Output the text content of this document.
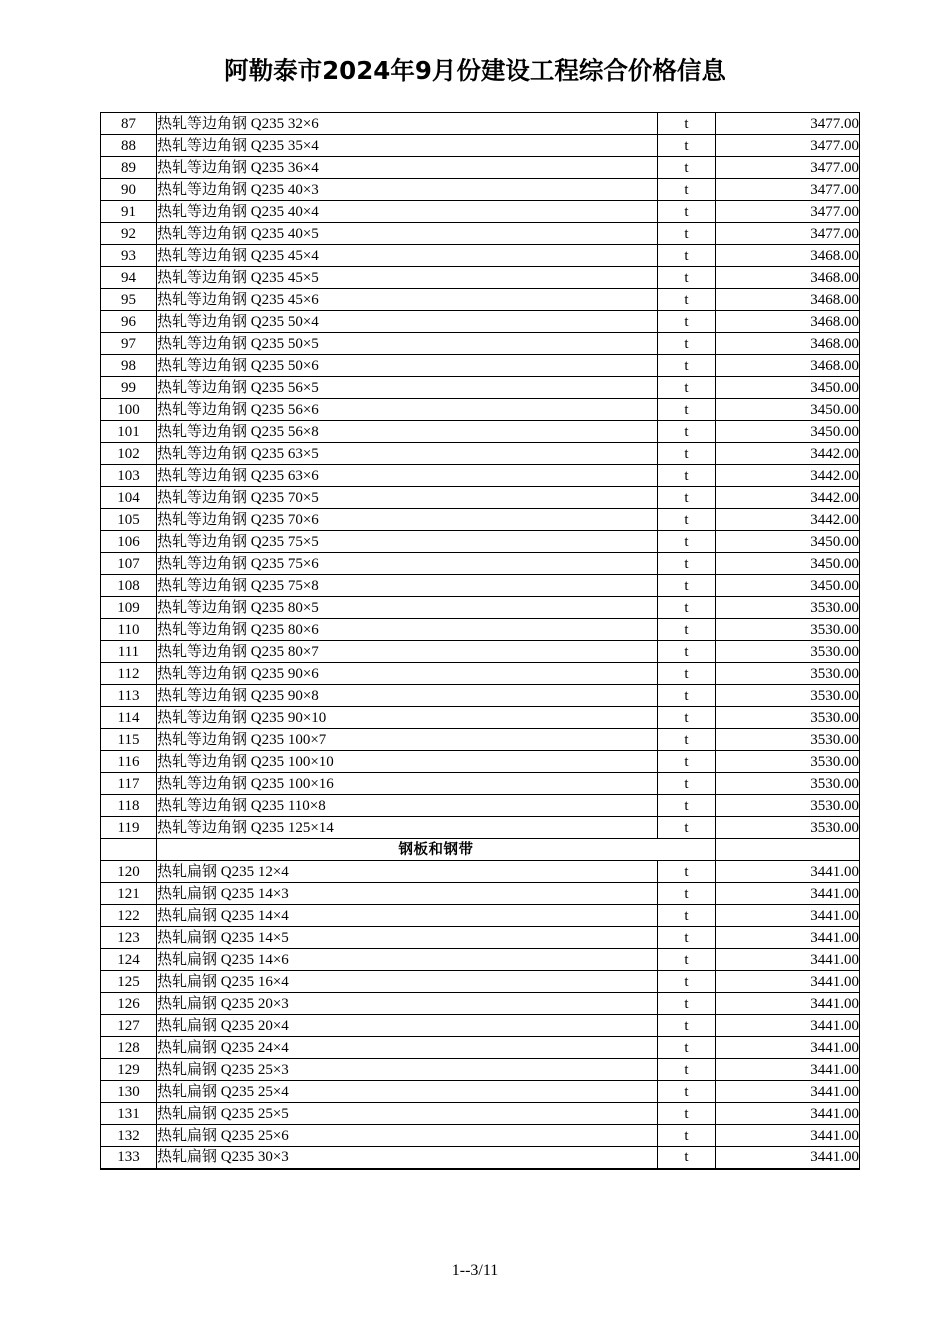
阿勒泰市2024年9月份建设工程综合价格信息
87	热轧等边角钢 Q235 32×6	t	3477.00
88	热轧等边角钢 Q235 35×4	t	3477.00
89	热轧等边角钢 Q235 36×4	t	3477.00
90	热轧等边角钢 Q235 40×3	t	3477.00
91	热轧等边角钢 Q235 40×4	t	3477.00
92	热轧等边角钢 Q235 40×5	t	3477.00
93	热轧等边角钢 Q235 45×4	t	3468.00
94	热轧等边角钢 Q235 45×5	t	3468.00
95	热轧等边角钢 Q235 45×6	t	3468.00
96	热轧等边角钢 Q235 50×4	t	3468.00
97	热轧等边角钢 Q235 50×5	t	3468.00
98	热轧等边角钢 Q235 50×6	t	3468.00
99	热轧等边角钢 Q235 56×5	t	3450.00
100	热轧等边角钢 Q235 56×6	t	3450.00
101	热轧等边角钢 Q235 56×8	t	3450.00
102	热轧等边角钢 Q235 63×5	t	3442.00
103	热轧等边角钢 Q235 63×6	t	3442.00
104	热轧等边角钢 Q235 70×5	t	3442.00
105	热轧等边角钢 Q235 70×6	t	3442.00
106	热轧等边角钢 Q235 75×5	t	3450.00
107	热轧等边角钢 Q235 75×6	t	3450.00
108	热轧等边角钢 Q235 75×8	t	3450.00
109	热轧等边角钢 Q235 80×5	t	3530.00
110	热轧等边角钢 Q235 80×6	t	3530.00
111	热轧等边角钢 Q235 80×7	t	3530.00
112	热轧等边角钢 Q235 90×6	t	3530.00
113	热轧等边角钢 Q235 90×8	t	3530.00
114	热轧等边角钢 Q235 90×10	t	3530.00
115	热轧等边角钢 Q235 100×7	t	3530.00
116	热轧等边角钢 Q235 100×10	t	3530.00
117	热轧等边角钢 Q235 100×16	t	3530.00
118	热轧等边角钢 Q235 110×8	t	3530.00
119	热轧等边角钢 Q235 125×14	t	3530.00
	钢板和钢带		
120	热轧扁钢 Q235 12×4	t	3441.00
121	热轧扁钢 Q235 14×3	t	3441.00
122	热轧扁钢 Q235 14×4	t	3441.00
123	热轧扁钢 Q235 14×5	t	3441.00
124	热轧扁钢 Q235 14×6	t	3441.00
125	热轧扁钢 Q235 16×4	t	3441.00
126	热轧扁钢 Q235 20×3	t	3441.00
127	热轧扁钢 Q235 20×4	t	3441.00
128	热轧扁钢 Q235 24×4	t	3441.00
129	热轧扁钢 Q235 25×3	t	3441.00
130	热轧扁钢 Q235 25×4	t	3441.00
131	热轧扁钢 Q235 25×5	t	3441.00
132	热轧扁钢 Q235 25×6	t	3441.00
133	热轧扁钢 Q235 30×3	t	3441.00
1--3/11
